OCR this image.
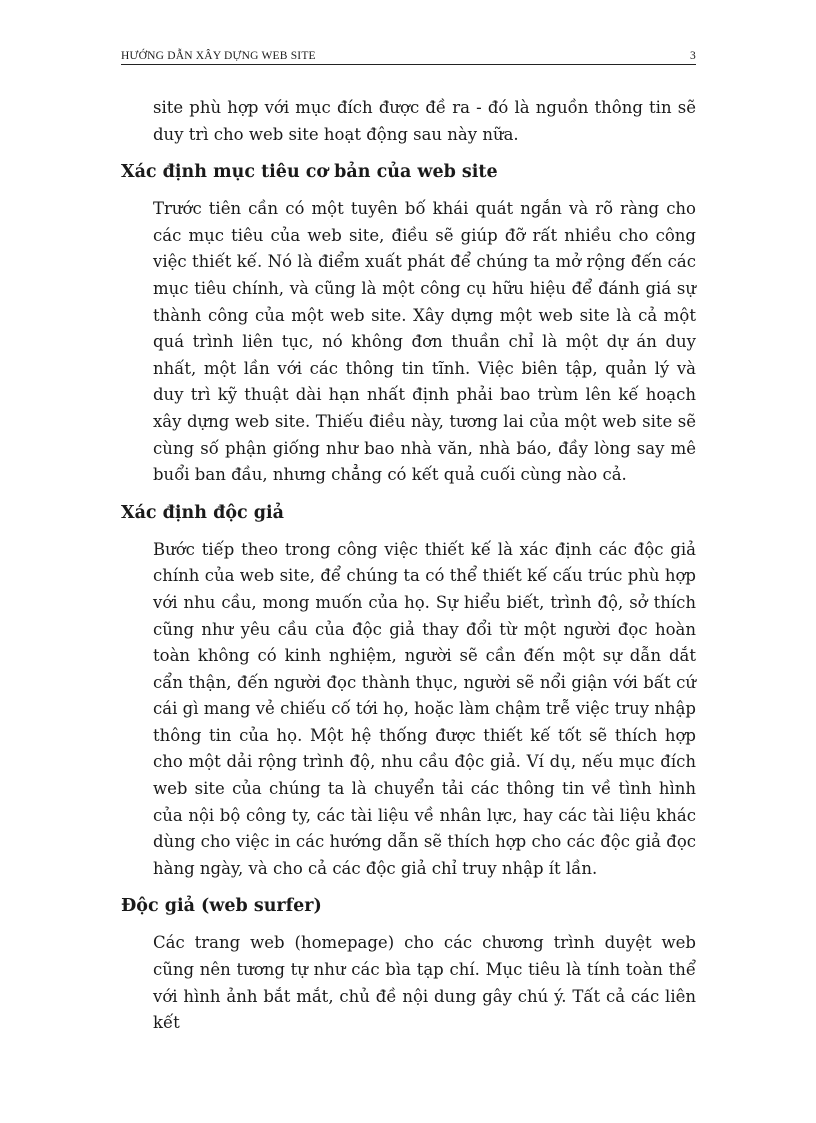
HƯỚNG DẪN XÂY DỰNG WEB SITE	3

site phù hợp với mục đích được đề ra - đó là nguồn thông tin sẽ duy trì cho web site hoạt động sau này nữa.

Xác định mục tiêu cơ bản của web site

Trước tiên cần có một tuyên bố khái quát ngắn và rõ ràng cho các mục tiêu của web site, điều sẽ giúp đỡ rất nhiều cho công việc thiết kế. Nó là điểm xuất phát để chúng ta mở rộng đến các mục tiêu chính, và cũng là một công cụ hữu hiệu để đánh giá sự thành công của một web site. Xây dựng một web site là cả một quá trình liên tục, nó không đơn thuần chỉ là một dự án duy nhất, một lần với các thông tin tĩnh. Việc biên tập, quản lý và duy trì kỹ thuật dài hạn nhất định phải bao trùm lên kế hoạch xây dựng web site. Thiếu điều này, tương lai của một web site sẽ cùng số phận giống như bao nhà văn, nhà báo, đầy lòng say mê buổi ban đầu, nhưng chẳng có kết quả cuối cùng nào cả.

Xác định độc giả

Bước tiếp theo trong công việc thiết kế là xác định các độc giả chính của web site, để chúng ta có thể thiết kế cấu trúc phù hợp với nhu cầu, mong muốn của họ. Sự hiểu biết, trình độ, sở thích cũng như yêu cầu của độc giả thay đổi từ một người đọc hoàn toàn không có kinh nghiệm, người sẽ cần đến một sự dẫn dắt cẩn thận, đến người đọc thành thục, người sẽ nổi giận với bất cứ cái gì mang vẻ chiếu cố tới họ, hoặc làm chậm trễ việc truy nhập thông tin của họ. Một hệ thống được thiết kế tốt sẽ thích hợp cho một dải rộng trình độ, nhu cầu độc giả. Ví dụ, nếu mục đích web site của chúng ta là chuyển tải các thông tin về tình hình của nội bộ công ty, các tài liệu về nhân lực, hay các tài liệu khác dùng cho việc in các hướng dẫn sẽ thích hợp cho các độc giả đọc hàng ngày, và cho cả các độc giả chỉ truy nhập ít lần.

Độc giả (web surfer)

Các trang web (homepage) cho các chương trình duyệt web cũng nên tương tự như các bìa tạp chí. Mục tiêu là tính toàn thể với hình ảnh bắt mắt, chủ đề nội dung gây chú ý. Tất cả các liên kết
